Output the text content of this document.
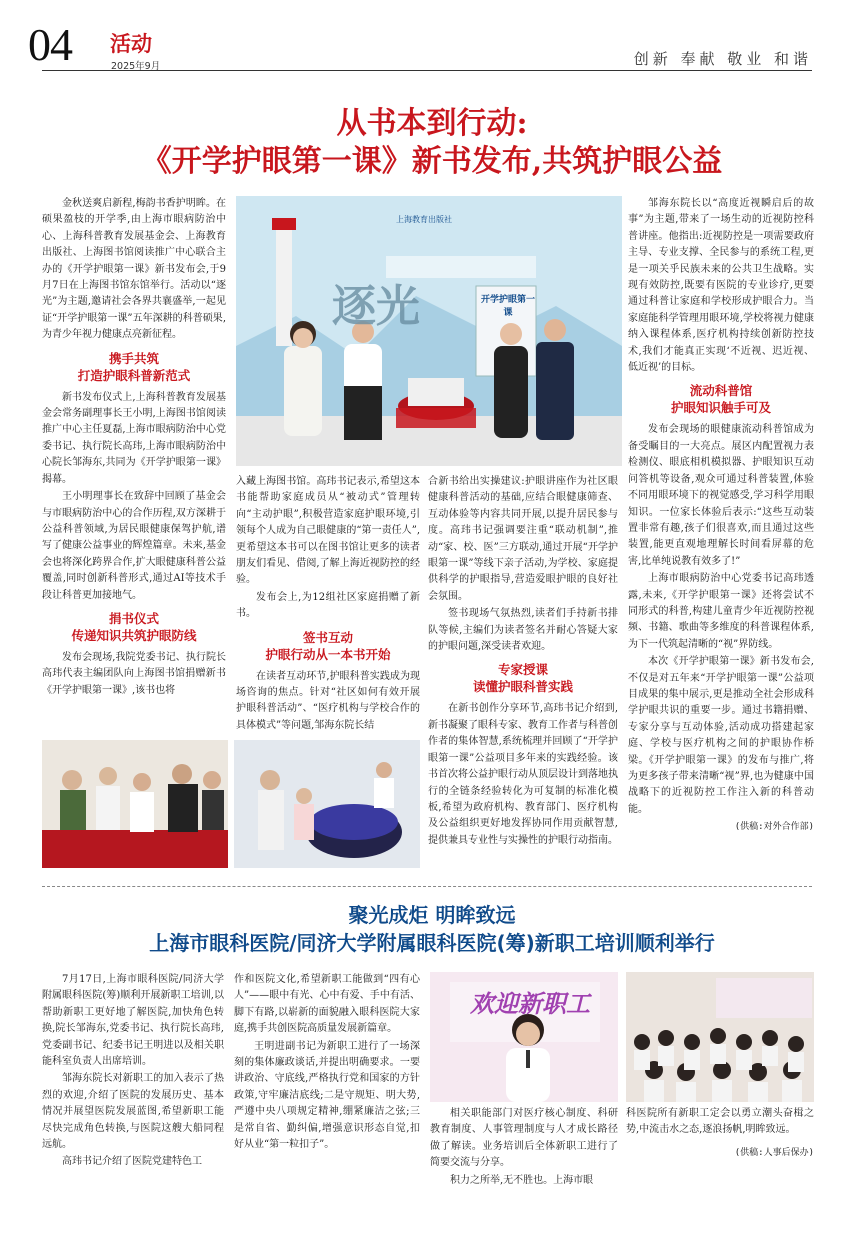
04 活动
2025年9月	创新 奉献 敬业 和谐
从书本到行动:
《开学护眼第一课》新书发布,共筑护眼公益

金秋送爽启新程,梅韵书香护明眸。在硕果盈枝的开学季,由上海市眼病防治中心、上海科普教育发展基金会、上海教育出版社、上海图书馆阅读推广中心联合主办的《开学护眼第一课》新书发布会,于9月7日在上海图书馆东馆举行。活动以“逐光”为主题,邀请社会各界共襄盛举,一起见证“开学护眼第一课”五年深耕的科普硕果,为青少年视力健康点亮新征程。

携手共筑
打造护眼科普新范式

新书发布仪式上,上海科普教育发展基金会常务副理事长王小明,上海图书馆阅读推广中心主任夏磊,上海市眼病防治中心党委书记、执行院长高玮,上海市眼病防治中心院长邹海东,共同为《开学护眼第一课》揭幕。

王小明理事长在致辞中回顾了基金会与市眼病防治中心的合作历程,双方深耕于公益科普领域,为居民眼健康保驾护航,谱写了健康公益事业的辉煌篇章。未来,基金会也将深化跨界合作,扩大眼健康科普公益覆盖,同时创新科普形式,通过AI等技术手段让科普更加接地气。

捐书仪式
传递知识共筑护眼防线

发布会现场,我院党委书记、执行院长高玮代表主编团队向上海图书馆捐赠新书《开学护眼第一课》,该书也将

上海教育出版社
开学护眼第一课
逐光

入藏上海图书馆。高玮书记表示,希望这本书能帮助家庭成员从“被动式”管理转向“主动护眼”,积极营造家庭护眼环境,引领每个人成为自己眼健康的“第一责任人”,更希望这本书可以在图书馆让更多的读者朋友们看见、借阅,了解上海近视防控的经验。

发布会上,为12组社区家庭捐赠了新书。

签书互动
护眼行动从一本书开始

在读者互动环节,护眼科普实践成为现场咨询的焦点。针对“社区如何有效开展护眼科普活动”、“医疗机构与学校合作的具体模式”等问题,邹海东院长结

合新书给出实操建议:护眼讲座作为社区眼健康科普活动的基础,应结合眼健康筛查、互动体验等内容共同开展,以提升居民参与度。高玮书记强调要注重“联动机制”,推动“家、校、医”三方联动,通过开展“开学护眼第一课”等线下亲子活动,为学校、家庭提供科学的护眼指导,营造爱眼护眼的良好社会氛围。

签书现场气氛热烈,读者们手持新书排队等候,主编们为读者签名并耐心答疑大家的护眼问题,深受读者欢迎。

专家授课
读懂护眼科普实践

在新书创作分享环节,高玮书记介绍到,新书凝聚了眼科专家、教育工作者与科普创作者的集体智慧,系统梳理并回顾了“开学护眼第一课”公益项目多年来的实践经验。该书首次将公益护眼行动从顶层设计到落地执行的全链条经验转化为可复制的标准化模板,希望为政府机构、教育部门、医疗机构及公益组织更好地发挥协同作用贡献智慧,提供兼具专业性与实操性的护眼行动指南。

邹海东院长以“高度近视瞬启后的故事”为主题,带来了一场生动的近视防控科普讲座。他指出:近视防控是一项需要政府主导、专业支撑、全民参与的系统工程,更是一项关乎民族未来的公共卫生战略。实现有效防控,既要有医院的专业诊疗,更要通过科普让家庭和学校形成护眼合力。当家庭能科学管理用眼环境,学校将视力健康纳入课程体系,医疗机构持续创新防控技术,我们才能真正实现‘不近视、迟近视、低近视’的目标。

流动科普馆
护眼知识触手可及

发布会现场的眼健康流动科普馆成为备受瞩目的一大亮点。展区内配置视力表检测仪、眼底相机模拟器、护眼知识互动问答机等设备,观众可通过科普装置,体验不同用眼环境下的视觉感受,学习科学用眼知识。一位家长体验后表示:“这些互动装置非常有趣,孩子们很喜欢,而且通过这些装置,能更直观地理解长时间看屏幕的危害,比单纯说教有效多了!”

上海市眼病防治中心党委书记高玮透露,未来,《开学护眼第一课》还将尝试不同形式的科普,构建儿童青少年近视防控视频、书籍、歌曲等多维度的科普课程体系,为下一代筑起清晰的“视”界防线。

本次《开学护眼第一课》新书发布会,不仅是对五年来“开学护眼第一课”公益项目成果的集中展示,更是推动全社会形成科学护眼共识的重要一步。通过书籍捐赠、专家分享与互动体验,活动成功搭建起家庭、学校与医疗机构之间的护眼协作桥梁。《开学护眼第一课》的发布与推广,将为更多孩子带来清晰“视”界,也为健康中国战略下的近视防控工作注入新的科普动能。

(供稿:对外合作部)
聚光成炬 明眸致远
上海市眼科医院/同济大学附属眼科医院(筹)新职工培训顺利举行

7月17日,上海市眼科医院/同济大学附属眼科医院(筹)顺利开展新职工培训,以帮助新职工更好地了解医院,加快角色转换,院长邹海东,党委书记、执行院长高玮,党委副书记、纪委书记王明进以及相关职能科室负责人出席培训。

邹海东院长对新职工的加入表示了热烈的欢迎,介绍了医院的发展历史、基本情况并展望医院发展蓝图,希望新职工能尽快完成角色转换,与医院这艘大船同程远航。

高玮书记介绍了医院党建特色工

作和医院文化,希望新职工能做到“四有心人”——眼中有光、心中有爱、手中有活、脚下有路,以崭新的面貌融入眼科医院大家庭,携手共创医院高质量发展新篇章。

王明进副书记为新职工进行了一场深刻的集体廉政谈话,并提出明确要求。一要讲政治、守底线,严格执行党和国家的方针政策,守牢廉洁底线;二是守规矩、明大势,严遵中央八项规定精神,绷紧廉洁之弦;三是常自省、勤纠偏,增强意识形态自觉,扣好从业“第一粒扣子”。

欢迎新职工

相关职能部门对医疗核心制度、科研教育制度、人事管理制度与人才成长路径做了解读。业务培训后全体新职工进行了简要交流与分享。

积力之所举,无不胜也。上海市眼

科医院所有新职工定会以勇立潮头奋楫之势,中流击水之态,逐浪扬帆,明眸致远。

(供稿:人事后保办)
